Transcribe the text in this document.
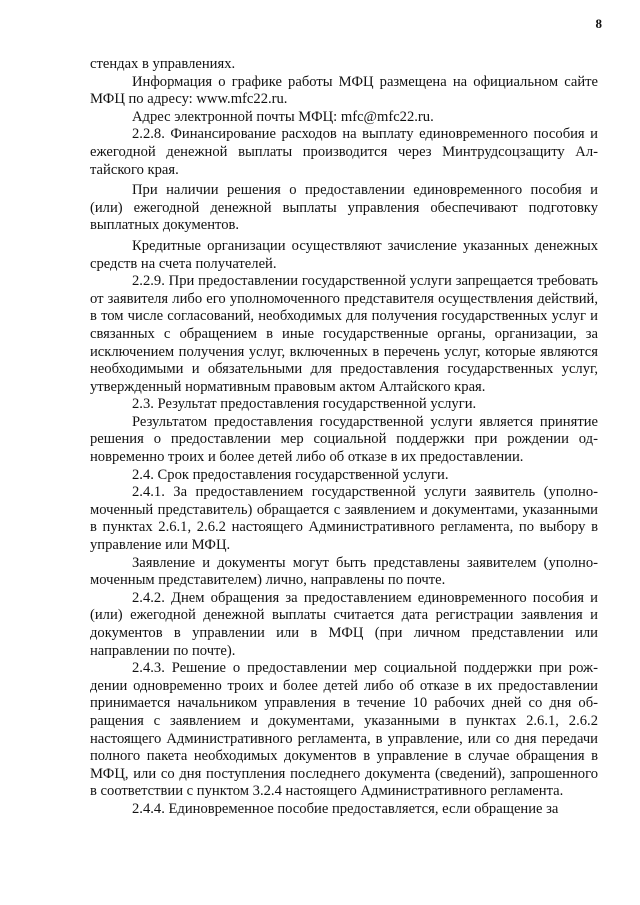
8

стендах в управлениях.

Информация о графике работы МФЦ размещена на официальном сайте МФЦ по адресу: www.mfc22.ru.

Адрес электронной почты МФЦ: mfc@mfc22.ru.

2.2.8. Финансирование расходов на выплату единовременного пособия и ежегодной денежной выплаты производится через Минтрудсоцзащиту Алтайского края.

При наличии решения о предоставлении единовременного пособия и (или) ежегодной денежной выплаты управления обеспечивают подготовку выплатных документов.

Кредитные организации осуществляют зачисление указанных денежных средств на счета получателей.

2.2.9. При предоставлении государственной услуги запрещается требовать от заявителя либо его уполномоченного представителя осуществления действий, в том числе согласований, необходимых для получения государственных услуг и связанных с обращением в иные государственные органы, организации, за исключением получения услуг, включенных в перечень услуг, которые являются необходимыми и обязательными для предоставления государственных услуг, утвержденный нормативным правовым актом Алтайского края.

2.3. Результат предоставления государственной услуги.

Результатом предоставления государственной услуги является принятие решения о предоставлении мер социальной поддержки при рождении одновременно троих и более детей либо об отказе в их предоставлении.

2.4. Срок предоставления государственной услуги.

2.4.1. За предоставлением государственной услуги заявитель (уполномоченный представитель) обращается с заявлением и документами, указанными в пунктах 2.6.1, 2.6.2 настоящего Административного регламента, по выбору в управление или МФЦ.

Заявление и документы могут быть представлены заявителем (уполномоченным представителем) лично, направлены по почте.

2.4.2. Днем обращения за предоставлением единовременного пособия и (или) ежегодной денежной выплаты считается дата регистрации заявления и документов в управлении или в МФЦ (при личном представлении или направлении по почте).

2.4.3. Решение о предоставлении мер социальной поддержки при рождении одновременно троих и более детей либо об отказе в их предоставлении принимается начальником управления в течение 10 рабочих дней со дня обращения с заявлением и документами, указанными в пунктах 2.6.1, 2.6.2 настоящего Административного регламента, в управление, или со дня передачи полного пакета необходимых документов в управление в случае обращения в МФЦ, или со дня поступления последнего документа (сведений), запрошенного в соответствии с пунктом 3.2.4 настоящего Административного регламента.

2.4.4. Единовременное пособие предоставляется, если обращение за
